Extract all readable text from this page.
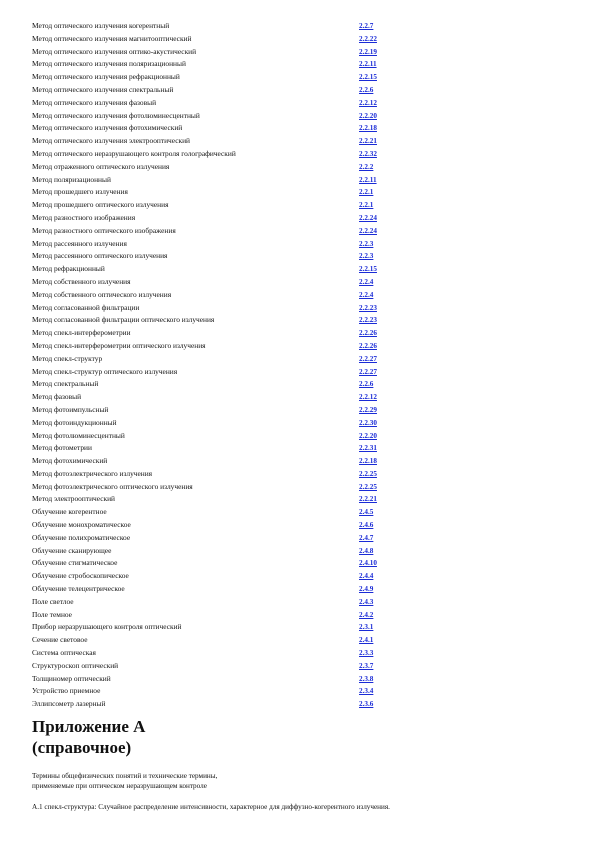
Метод оптического излучения когерентный	2.2.7
Метод оптического излучения магнитооптический	2.2.22
Метод оптического излучения оптико-акустический	2.2.19
Метод оптического излучения поляризационный	2.2.11
Метод оптического излучения рефракционный	2.2.15
Метод оптического излучения спектральный	2.2.6
Метод оптического излучения фазовый	2.2.12
Метод оптического излучения фотолюминесцентный	2.2.20
Метод оптического излучения фотохимический	2.2.18
Метод оптического излучения электрооптический	2.2.21
Метод оптического неразрушающего контроля голографический	2.2.32
Метод отраженного оптического излучения	2.2.2
Метод поляризационный	2.2.11
Метод прошедшего излучения	2.2.1
Метод прошедшего оптического излучения	2.2.1
Метод разностного изображения	2.2.24
Метод разностного оптического изображения	2.2.24
Метод рассеянного излучения	2.2.3
Метод рассеянного оптического излучения	2.2.3
Метод рефракционный	2.2.15
Метод собственного излучения	2.2.4
Метод собственного оптического излучения	2.2.4
Метод согласованной фильтрации	2.2.23
Метод согласованной фильтрации оптического излучения	2.2.23
Метод спекл-интерферометрии	2.2.26
Метод спекл-интерферометрии оптического излучения	2.2.26
Метод спекл-структур	2.2.27
Метод спекл-структур оптического излучения	2.2.27
Метод спектральный	2.2.6
Метод фазовый	2.2.12
Метод фотоимпульсный	2.2.29
Метод фотоиндукционный	2.2.30
Метод фотолюминесцентный	2.2.20
Метод фотометрии	2.2.31
Метод фотохимический	2.2.18
Метод фотоэлектрического излучения	2.2.25
Метод фотоэлектрического оптического излучения	2.2.25
Метод электрооптический	2.2.21
Облучение когерентное	2.4.5
Облучение монохроматическое	2.4.6
Облучение полихроматическое	2.4.7
Облучение сканирующее	2.4.8
Облучение стигматическое	2.4.10
Облучение стробоскопическое	2.4.4
Облучение телецентрическое	2.4.9
Поле светлое	2.4.3
Поле темное	2.4.2
Прибор неразрушающего контроля оптический	2.3.1
Сечение световое	2.4.1
Система оптическая	2.3.3
Структуроскоп оптический	2.3.7
Толщиномер оптический	2.3.8
Устройство приемное	2.3.4
Эллипсометр лазерный	2.3.6
Приложение А
(справочное)
Термины общефизических понятий и технические термины,
применяемые при оптическом неразрушающем контроле
А.1 спекл-структура: Случайное распределение интенсивности, характерное для диффузно-когерентного излучения.
